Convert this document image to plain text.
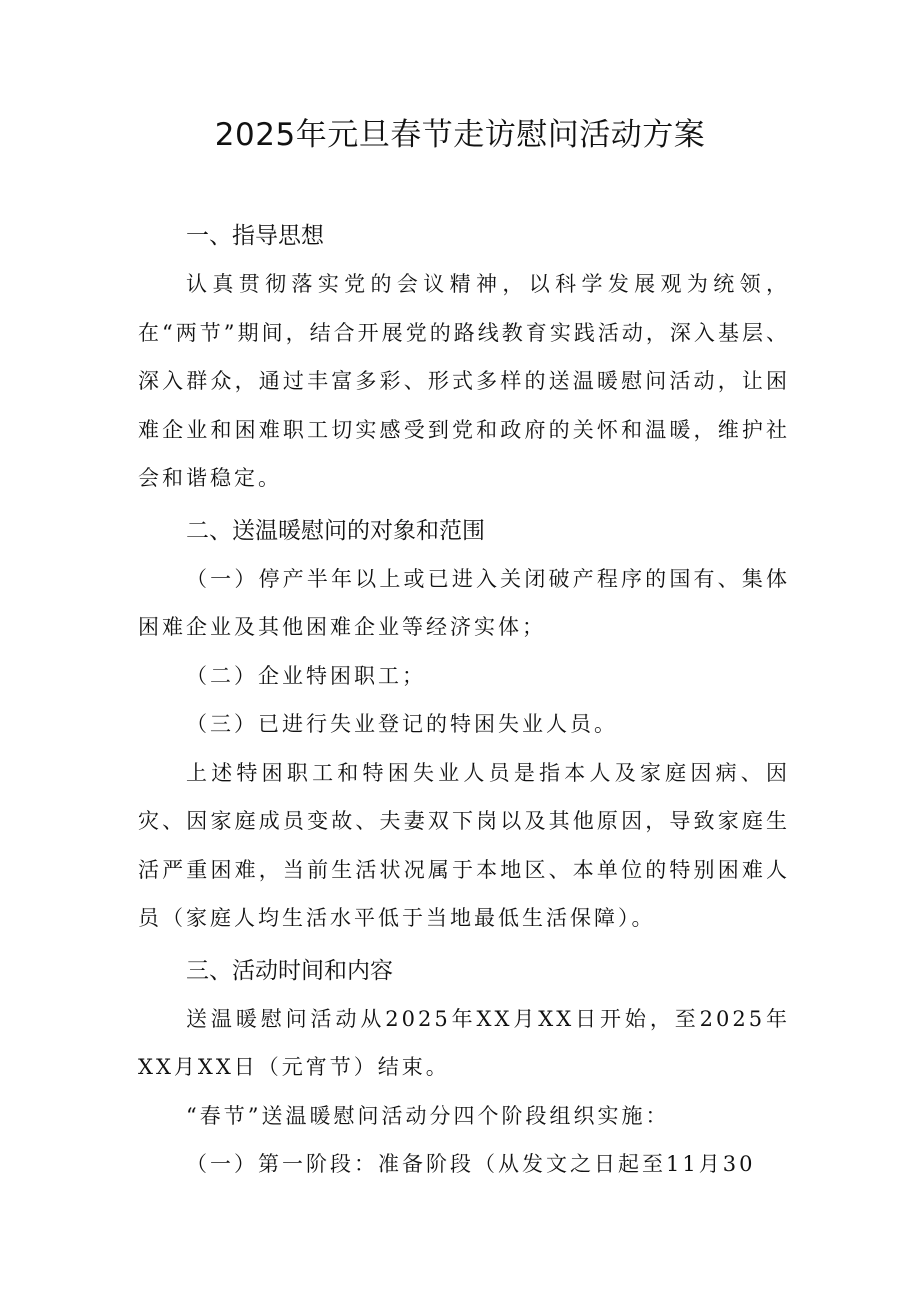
2025年元旦春节走访慰问活动方案

一、指导思想

认真贯彻落实党的会议精神，以科学发展观为统领，在“两节”期间，结合开展党的路线教育实践活动，深入基层、深入群众，通过丰富多彩、形式多样的送温暖慰问活动，让困难企业和困难职工切实感受到党和政府的关怀和温暖，维护社会和谐稳定。

二、送温暖慰问的对象和范围

（一）停产半年以上或已进入关闭破产程序的国有、集体困难企业及其他困难企业等经济实体；

（二）企业特困职工；

（三）已进行失业登记的特困失业人员。

上述特困职工和特困失业人员是指本人及家庭因病、因灾、因家庭成员变故、夫妻双下岗以及其他原因，导致家庭生活严重困难，当前生活状况属于本地区、本单位的特别困难人员（家庭人均生活水平低于当地最低生活保障）。

三、活动时间和内容

送温暖慰问活动从2025年XX月XX日开始，至2025年XX月XX日（元宵节）结束。

“春节”送温暖慰问活动分四个阶段组织实施：

（一）第一阶段：准备阶段（从发文之日起至11月30
